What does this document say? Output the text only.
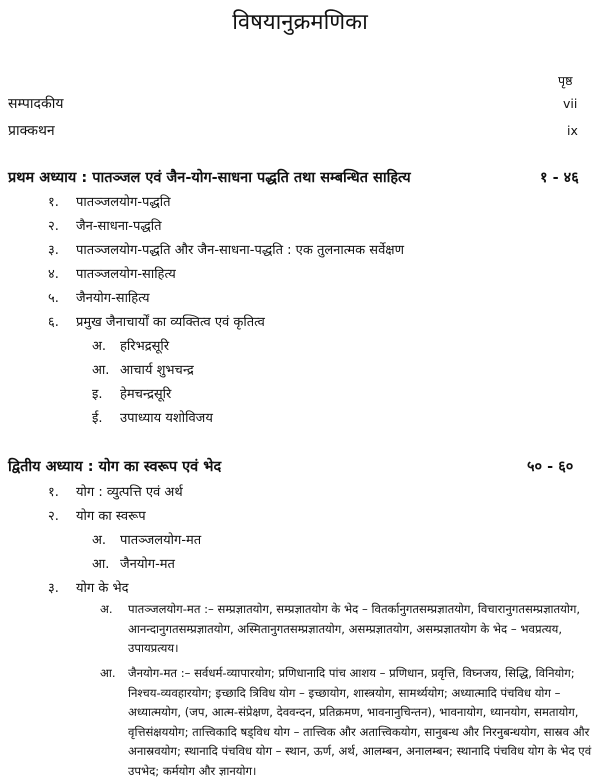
विषयानुक्रमणिका
पृष्ठ
सम्पादकीय	vii
प्राक्कथन	ix
प्रथम अध्याय : पातञ्जल एवं जैन-योग-साधना पद्धति तथा सम्बन्धित साहित्य	१ - ४६
१. पातञ्जलयोग-पद्धति
२. जैन-साधना-पद्धति
३. पातञ्जलयोग-पद्धति और जैन-साधना-पद्धति : एक तुलनात्मक सर्वेक्षण
४. पातञ्जलयोग-साहित्य
५. जैनयोग-साहित्य
६. प्रमुख जैनाचार्यों का व्यक्तित्व एवं कृतित्व
अ. हरिभद्रसूरि
आ. आचार्य शुभचन्द्र
इ. हेमचन्द्रसूरि
ई. उपाध्याय यशोविजय
द्वितीय अध्याय : योग का स्वरूप एवं भेद	५० - ६०
१. योग : व्युत्पत्ति एवं अर्थ
२. योग का स्वरूप
अ. पातञ्जलयोग-मत
आ. जैनयोग-मत
३. योग के भेद
अ. पातञ्जलयोग-मत :– सम्प्रज्ञातयोग, सम्प्रज्ञातयोग के भेद – वितर्कानुगतसम्प्रज्ञातयोग, विचारानुगतसम्प्रज्ञातयोग, आनन्दानुगतसम्प्रज्ञातयोग, अस्मितानुगतसम्प्रज्ञातयोग, असम्प्रज्ञातयोग, असम्प्रज्ञातयोग के भेद – भवप्रत्यय, उपायप्रत्यय।
आ. जैनयोग-मत :– सर्वधर्म-व्यापारयोग; प्रणिधानादि पांच आशय – प्रणिधान, प्रवृत्ति, विघ्नजय, सिद्धि, विनियोग; निश्चय-व्यवहारयोग; इच्छादि त्रिविध योग – इच्छायोग, शास्त्रयोग, सामर्थ्ययोग; अध्यात्मादि पंचविध योग – अध्यात्मयोग, (जप, आत्म-संप्रेक्षण, देववन्दन, प्रतिक्रमण, भावनानुचिन्तन), भावनायोग, ध्यानयोग, समतायोग, वृत्तिसंक्षययोग; तात्त्विकादि षड्विध योग – तात्त्विक और अतात्त्विकयोग, सानुबन्ध और निरनुबन्धयोग, सास्रव और अनास्रवयोग; स्थानादि पंचविध योग – स्थान, ऊर्ण, अर्थ, आलम्बन, अनालम्बन; स्थानादि पंचविध योग के भेद एवं उपभेद; कर्मयोग और ज्ञानयोग।
